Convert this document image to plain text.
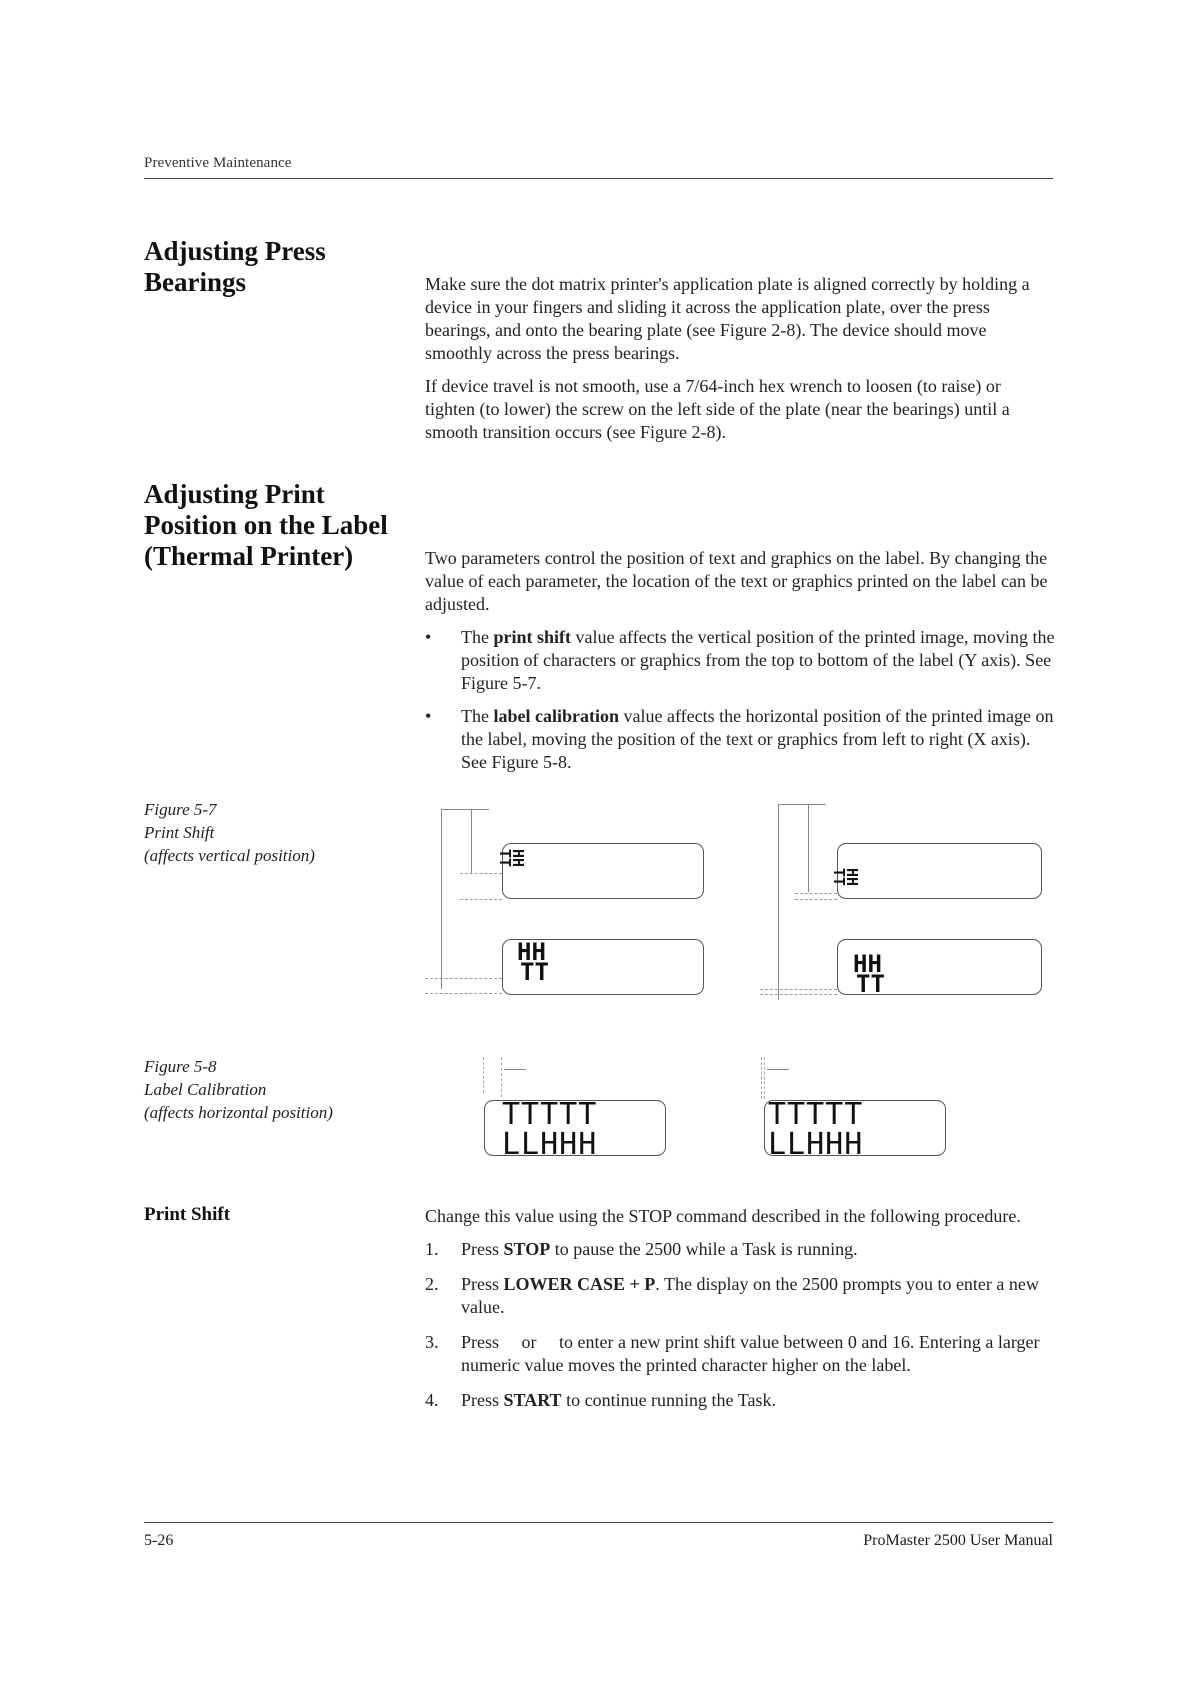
Preventive Maintenance
Adjusting Press
Bearings	Make sure the dot matrix printer's application plate is aligned correctly by holding a device in your fingers and sliding it across the application plate, over the press bearings, and onto the bearing plate (see Figure 2-8). The device should move smoothly across the press bearings.

If device travel is not smooth, use a 7/64-inch hex wrench to loosen (to raise) or tighten (to lower) the screw on the left side of the plate (near the bearings) until a smooth transition occurs (see Figure 2-8).

Adjusting Print
Position on the Label
(Thermal Printer)	Two parameters control the position of text and graphics on the label. By changing the value of each parameter, the location of the text or graphics printed on the label can be adjusted.

• The print shift value affects the vertical position of the printed image, moving the position of characters or graphics from the top to bottom of the label (Y axis). See Figure 5-7.
• The label calibration value affects the horizontal position of the printed image on the label, moving the position of the text or graphics from left to right (X axis). See Figure 5-8.
Figure 5-7
Print Shift
(affects vertical position)	HH
TT
HH
TT
HH
TT
HH
TT
Figure 5-8
Label Calibration
(affects horizontal position)	TTTTT
LLHHH
TTTTT
LLHHH
Print Shift	Change this value using the STOP command described in the following procedure.

1. Press STOP to pause the 2500 while a Task is running.
2. Press LOWER CASE + P. The display on the 2500 prompts you to enter a new value.
3. Press     or     to enter a new print shift value between 0 and 16. Entering a larger numeric value moves the printed character higher on the label.
4. Press START to continue running the Task.
5-26	ProMaster 2500 User Manual
